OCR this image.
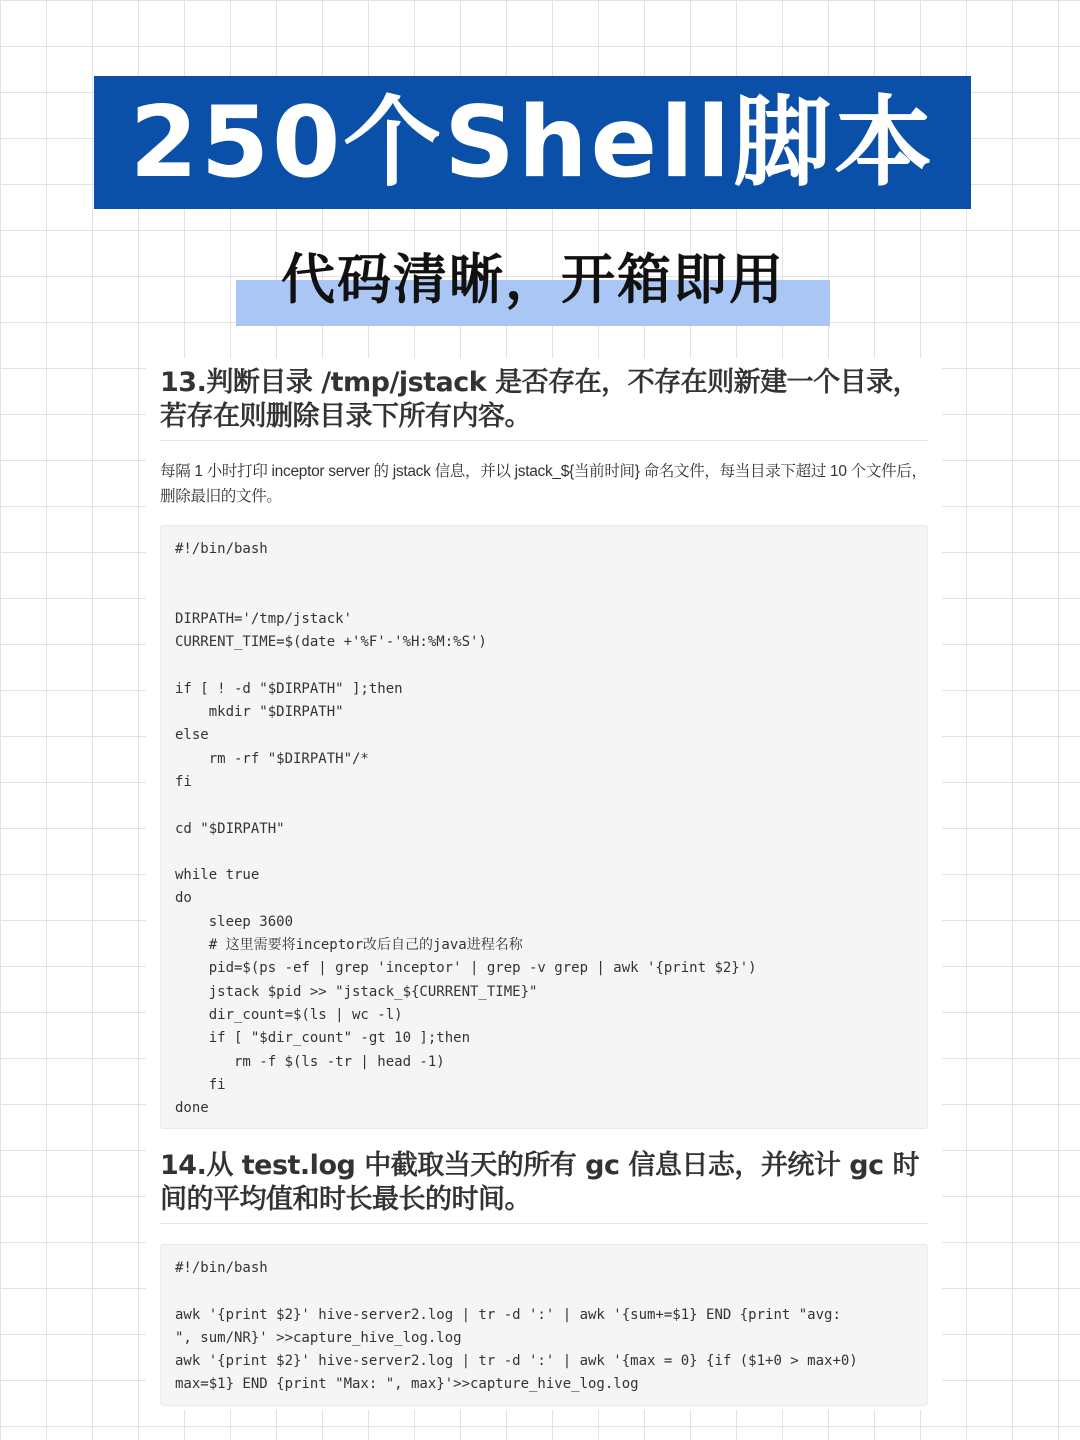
250个Shell脚本
代码清晰，开箱即用
13.判断目录 /tmp/jstack 是否存在，不存在则新建一个目录，若存在则删除目录下所有内容。

每隔 1 小时打印 inceptor server 的 jstack 信息，并以 jstack_${当前时间} 命名文件，每当目录下超过 10 个文件后，删除最旧的文件。

#!/bin/bash
DIRPATH='/tmp/jstack'
CURRENT_TIME=$(date +'%F'-'%H:%M:%S')
if [ ! -d "$DIRPATH" ];then
mkdir "$DIRPATH"
else
rm -rf "$DIRPATH"/*
fi
cd "$DIRPATH"
while true
do
sleep 3600
# 这里需要将inceptor改后自己的java进程名称
pid=$(ps -ef | grep 'inceptor' | grep -v grep | awk '{print $2}')
jstack $pid >> "jstack_${CURRENT_TIME}"
dir_count=$(ls | wc -l)
if [ "$dir_count" -gt 10 ];then
rm -f $(ls -tr | head -1)
fi
done
14.从 test.log 中截取当天的所有 gc 信息日志，并统计 gc 时间的平均值和时长最长的时间。
#!/bin/bash
awk '{print $2}' hive-server2.log | tr -d ':' | awk '{sum+=$1} END {print "avg:
", sum/NR}' >>capture_hive_log.log
awk '{print $2}' hive-server2.log | tr -d ':' | awk '{max = 0} {if ($1+0 > max+0)
max=$1} END {print "Max: ", max}'>>capture_hive_log.log
